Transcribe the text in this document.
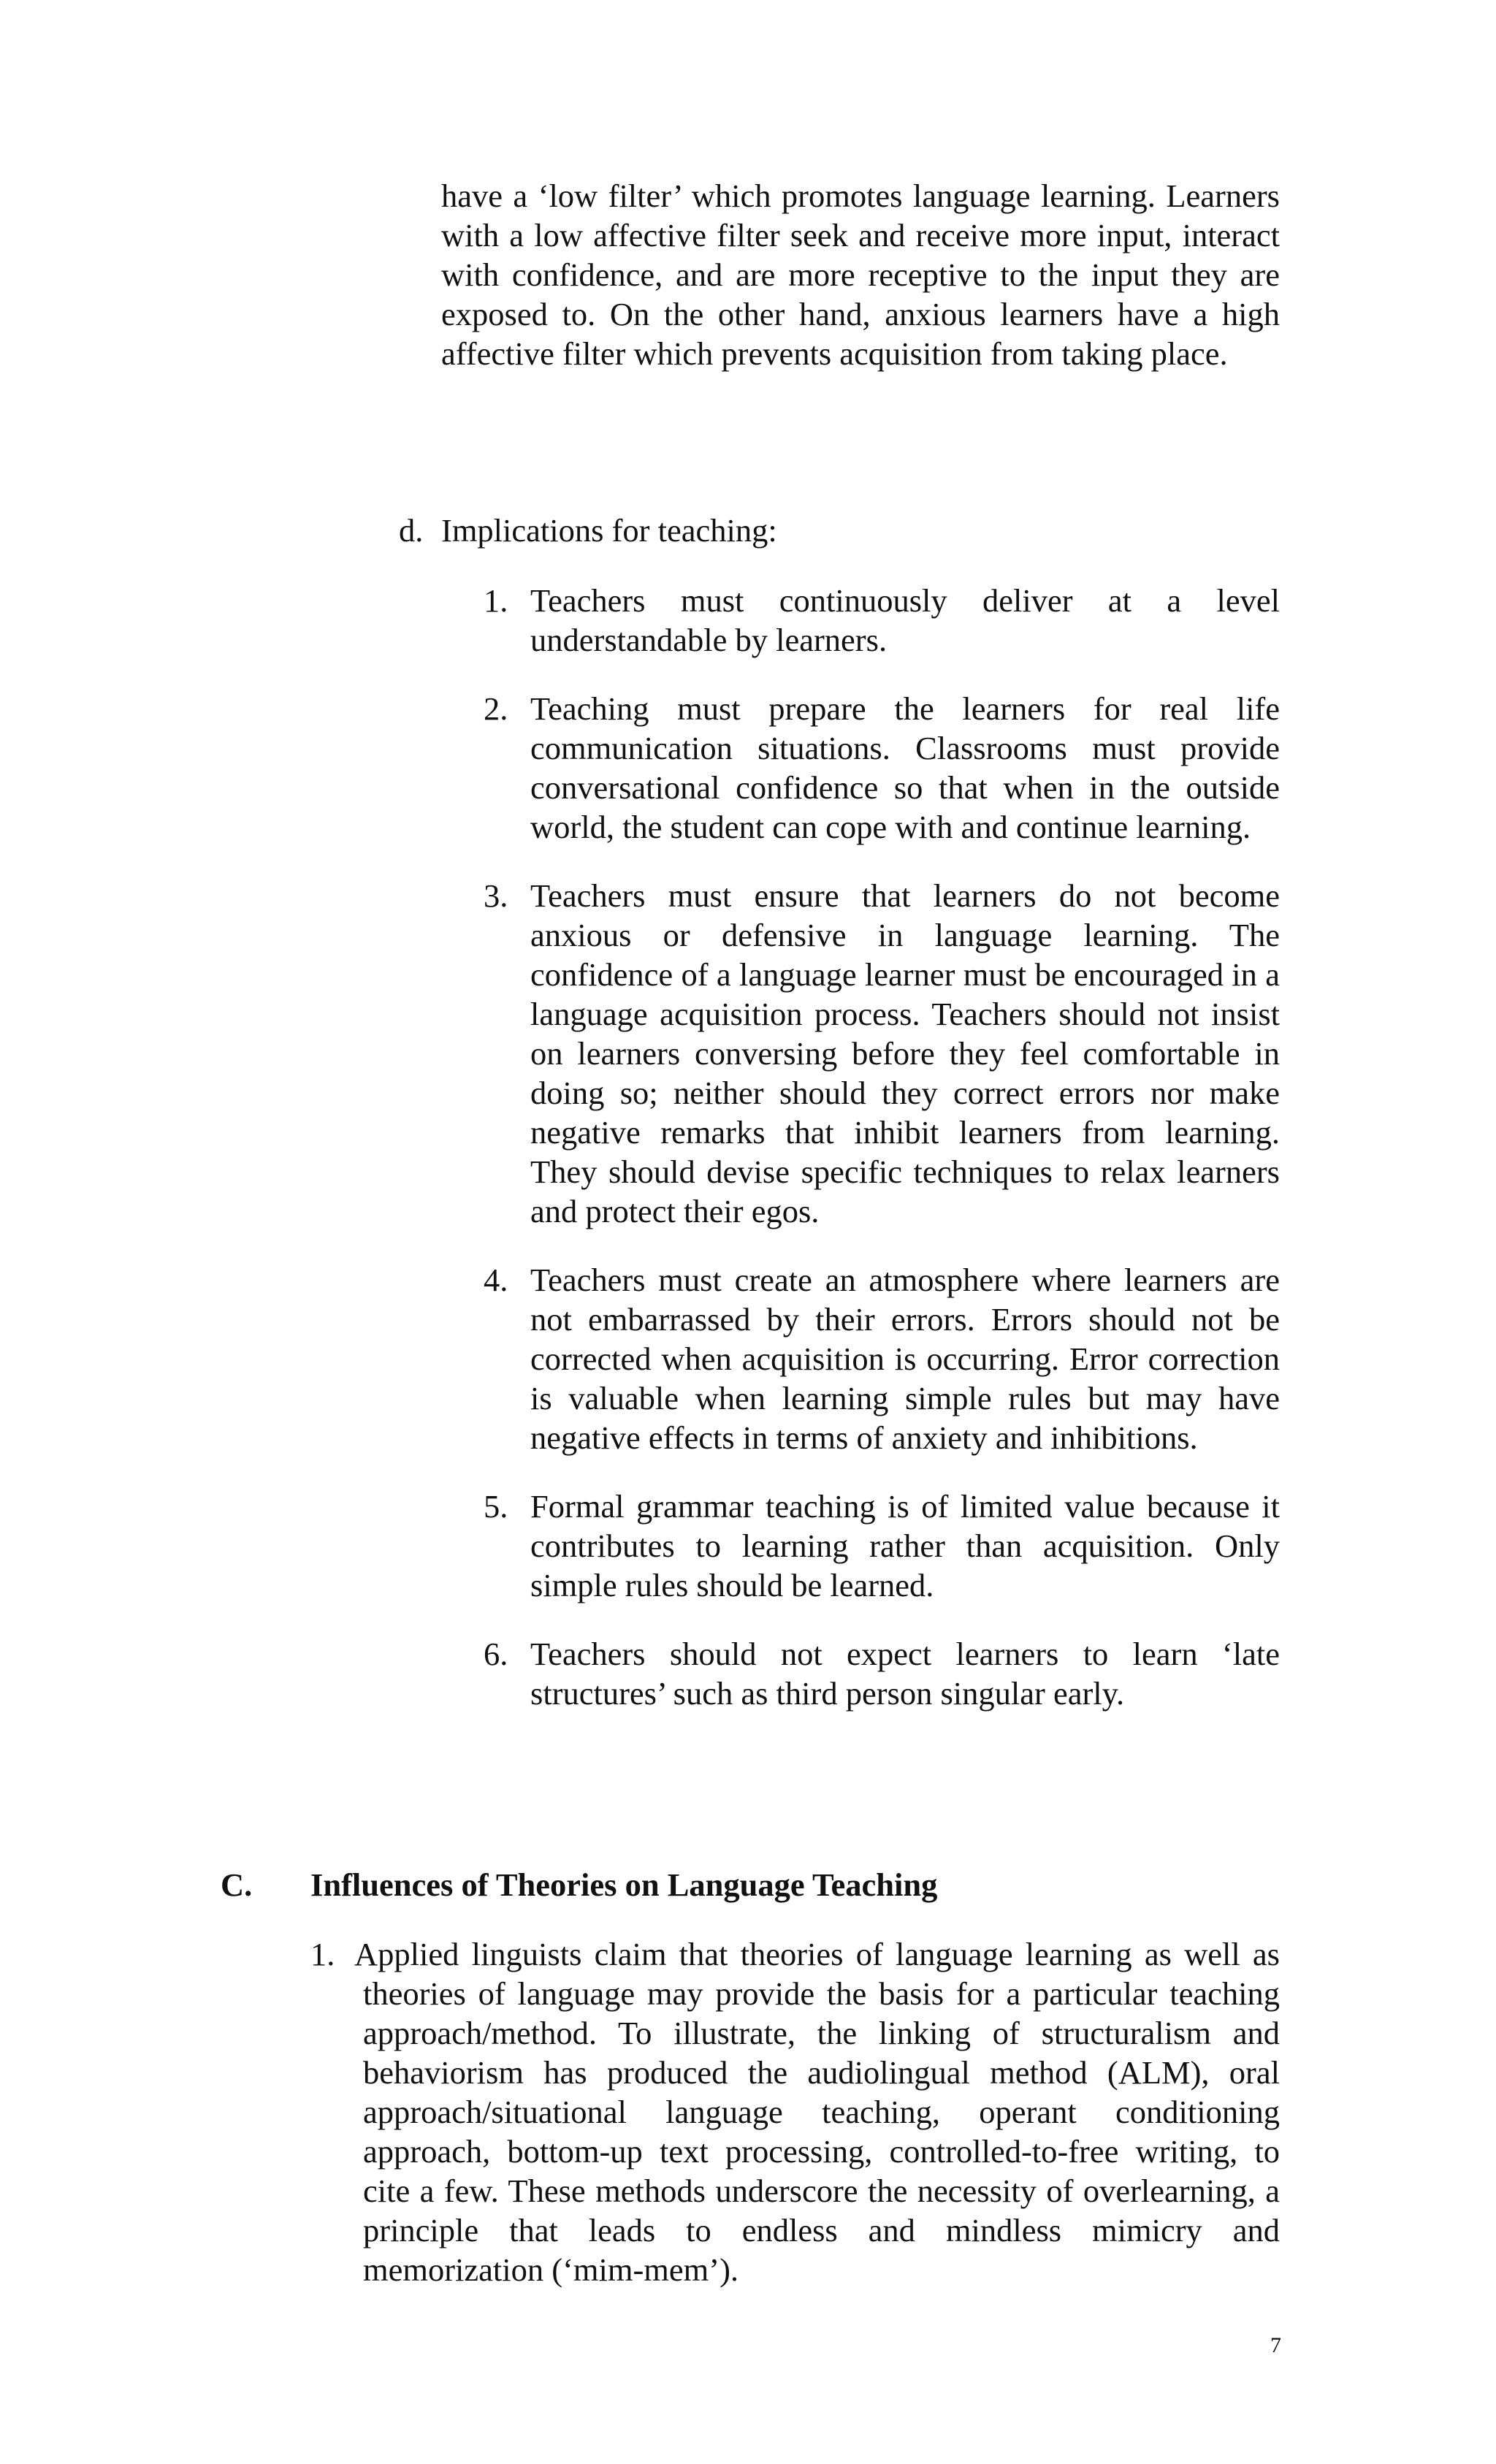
have a ‘low filter’ which promotes language learning. Learners with a low affective filter seek and receive more input, interact with confidence, and are more receptive to the input they are exposed to. On the other hand, anxious learners have a high affective filter which prevents acquisition from taking place.

d. Implications for teaching:
1. Teachers must continuously deliver at a level understandable by learners.

2. Teaching must prepare the learners for real life communication situations. Classrooms must provide conversational confidence so that when in the outside world, the student can cope with and continue learning.

3. Teachers must ensure that learners do not become anxious or defensive in language learning. The confidence of a language learner must be encouraged in a language acquisition process. Teachers should not insist on learners conversing before they feel comfortable in doing so; neither should they correct errors nor make negative remarks that inhibit learners from learning. They should devise specific techniques to relax learners and protect their egos.

4. Teachers must create an atmosphere where learners are not embarrassed by their errors. Errors should not be corrected when acquisition is occurring. Error correction is valuable when learning simple rules but may have negative effects in terms of anxiety and inhibitions.

5. Formal grammar teaching is of limited value because it contributes to learning rather than acquisition. Only simple rules should be learned.

6. Teachers should not expect learners to learn ‘late structures’ such as third person singular early.

C.	Influences of Theories on Language Teaching
1. Applied linguists claim that theories of language learning as well as theories of language may provide the basis for a particular teaching approach/method. To illustrate, the linking of structuralism and behaviorism has produced the audiolingual method (ALM), oral approach/situational language teaching, operant conditioning approach, bottom-up text processing, controlled-to-free writing, to cite a few. These methods underscore the necessity of overlearning, a principle that leads to endless and mindless mimicry and memorization (‘mim-mem’).
7
